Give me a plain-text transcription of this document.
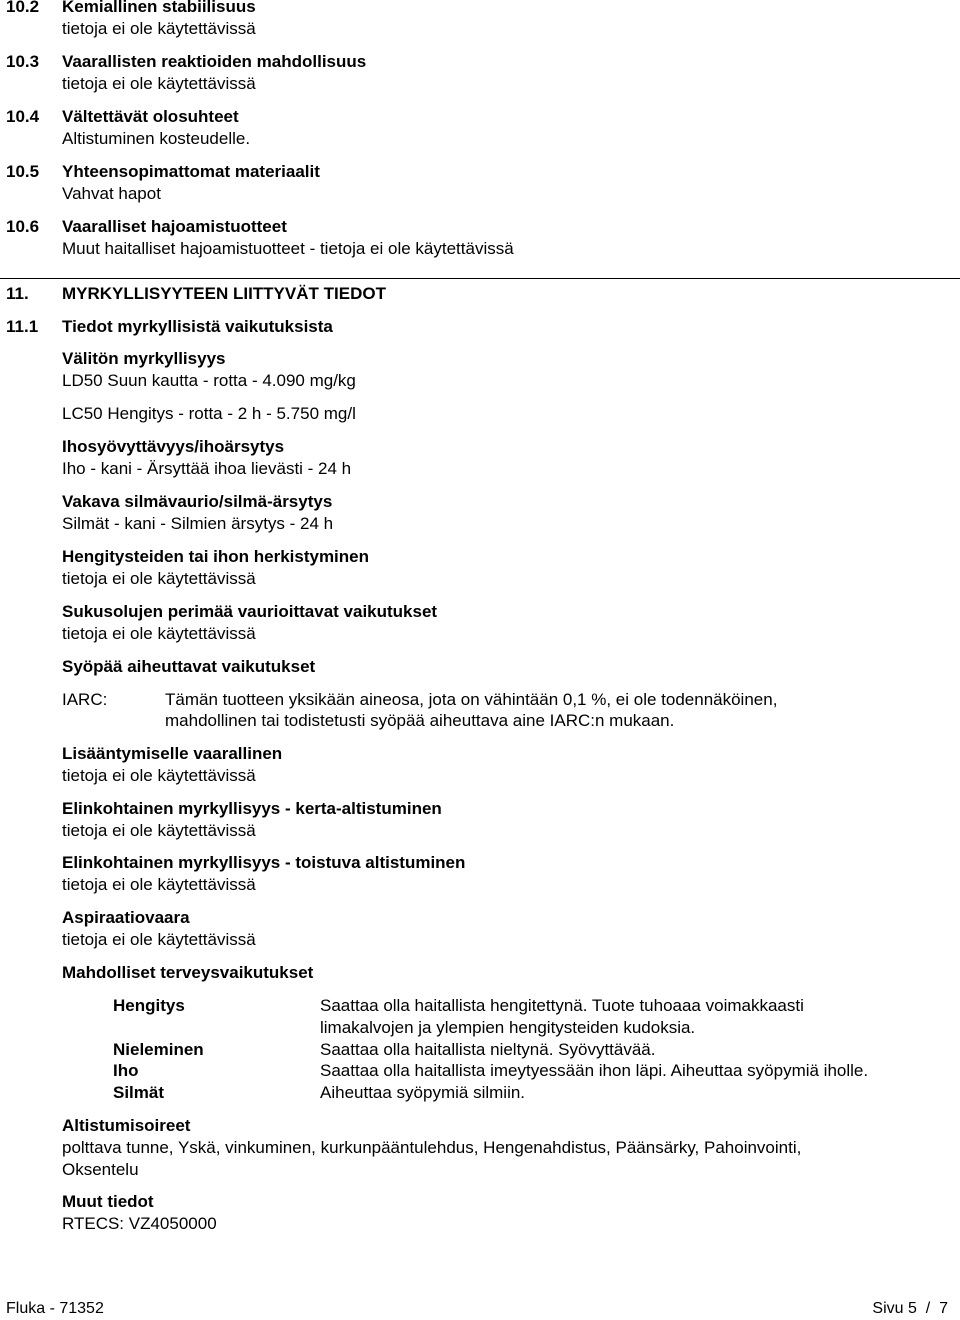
10.2 Kemiallinen stabiilisuus
tietoja ei ole käytettävissä
10.3 Vaarallisten reaktioiden mahdollisuus
tietoja ei ole käytettävissä
10.4 Vältettävät olosuhteet
Altistuminen kosteudelle.
10.5 Yhteensopimattomat materiaalit
Vahvat hapot
10.6 Vaaralliset hajoamistuotteet
Muut haitalliset hajoamistuotteet - tietoja ei ole käytettävissä
11. MYRKYLLISYYTEEN LIITTYVÄT TIEDOT
11.1 Tiedot myrkyllisistä vaikutuksista
Välitön myrkyllisyys
LD50 Suun kautta - rotta - 4.090 mg/kg
LC50 Hengitys - rotta - 2 h - 5.750 mg/l
Ihosyövyttävyys/ihoärsytys
Iho - kani - Ärsyttää ihoa lievästi - 24 h
Vakava silmävaurio/silmä-ärsytys
Silmät - kani - Silmien ärsytys - 24 h
Hengitysteiden tai ihon herkistyminen
tietoja ei ole käytettävissä
Sukusolujen perimää vaurioittavat vaikutukset
tietoja ei ole käytettävissä
Syöpää aiheuttavat vaikutukset
IARC:	Tämän tuotteen yksikään aineosa, jota on vähintään 0,1 %, ei ole todennäköinen,
mahdollinen tai todistetusti syöpää aiheuttava aine IARC:n mukaan.
Lisääntymiselle vaarallinen
tietoja ei ole käytettävissä
Elinkohtainen myrkyllisyys - kerta-altistuminen
tietoja ei ole käytettävissä
Elinkohtainen myrkyllisyys - toistuva altistuminen
tietoja ei ole käytettävissä
Aspiraatiovaara
tietoja ei ole käytettävissä
Mahdolliset terveysvaikutukset
Hengitys	Saattaa olla haitallista hengitettynä. Tuote tuhoaaa voimakkaasti
limakalvojen ja ylempien hengitysteiden kudoksia.
Nieleminen	Saattaa olla haitallista nieltynä. Syövyttävää.
Iho	Saattaa olla haitallista imeytyessään ihon läpi. Aiheuttaa syöpymiä iholle.
Silmät	Aiheuttaa syöpymiä silmiin.
Altistumisoireet
polttava tunne, Yskä, vinkuminen, kurkunpääntulehdus, Hengenahdistus, Päänsärky, Pahoinvointi,
Oksentelu
Muut tiedot
RTECS: VZ4050000
Fluka - 71352	Sivu 5  /  7
